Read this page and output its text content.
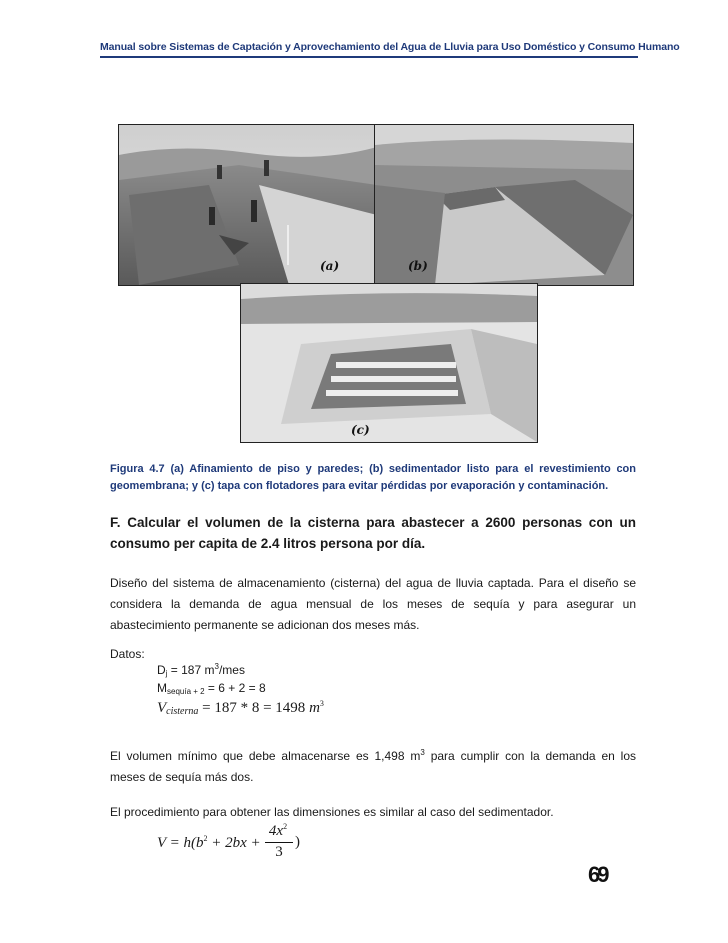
Manual sobre Sistemas de Captación y Aprovechamiento del Agua de Lluvia para Uso Doméstico y Consumo Humano
(a)	(b)
(c)
Figura 4.7 (a) Afinamiento de piso y paredes; (b) sedimentador listo para el revestimiento con geomembrana; y (c) tapa con flotadores para evitar pérdidas por evaporación y contaminación.
F. Calcular el volumen de la cisterna para abastecer a 2600 personas con un consumo per capita de 2.4 litros persona por día.
Diseño del sistema de almacenamiento (cisterna) del agua de lluvia captada. Para el diseño se considera la demanda de agua mensual de los meses de sequía y para asegurar un abastecimiento permanente se adicionan dos meses más.
Datos:
Dj = 187 $m^3$/mes
Msequía + 2 = 6 + 2 = 8
Vcisterna = 187 * 8 = 1498 $m^3$
El volumen mínimo que debe almacenarse es 1,498 $m^3$ para cumplir con la demanda en los meses de sequía más dos.
El procedimiento para obtener las dimensiones es similar al caso del sedimentador.
$V = h(b^2 + 2bx$ +
$4x^2$
3
)
69
